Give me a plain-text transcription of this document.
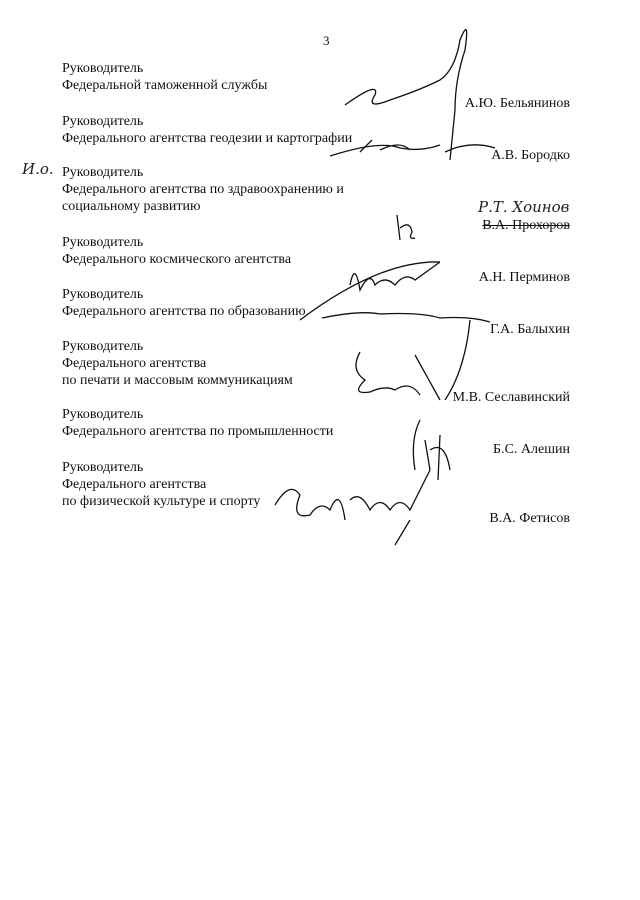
3
Руководитель
Федеральной таможенной службы
А.Ю. Бельянинов
Руководитель
Федерального агентства геодезии и картографии
А.В. Бородко
И.о. Руководитель
Федерального агентства по здравоохранению и
социальному развитию	Р.Т. Хоинов
В.А. Прохоров
Руководитель
Федерального космического агентства
А.Н. Перминов
Руководитель
Федерального агентства по образованию
Г.А. Балыхин
Руководитель
Федерального агентства
по печати и массовым коммуникациям
М.В. Сеславинский
Руководитель
Федерального агентства по промышленности
Б.С. Алешин
Руководитель
Федерального агентства
по физической культуре и спорту
В.А. Фетисов
